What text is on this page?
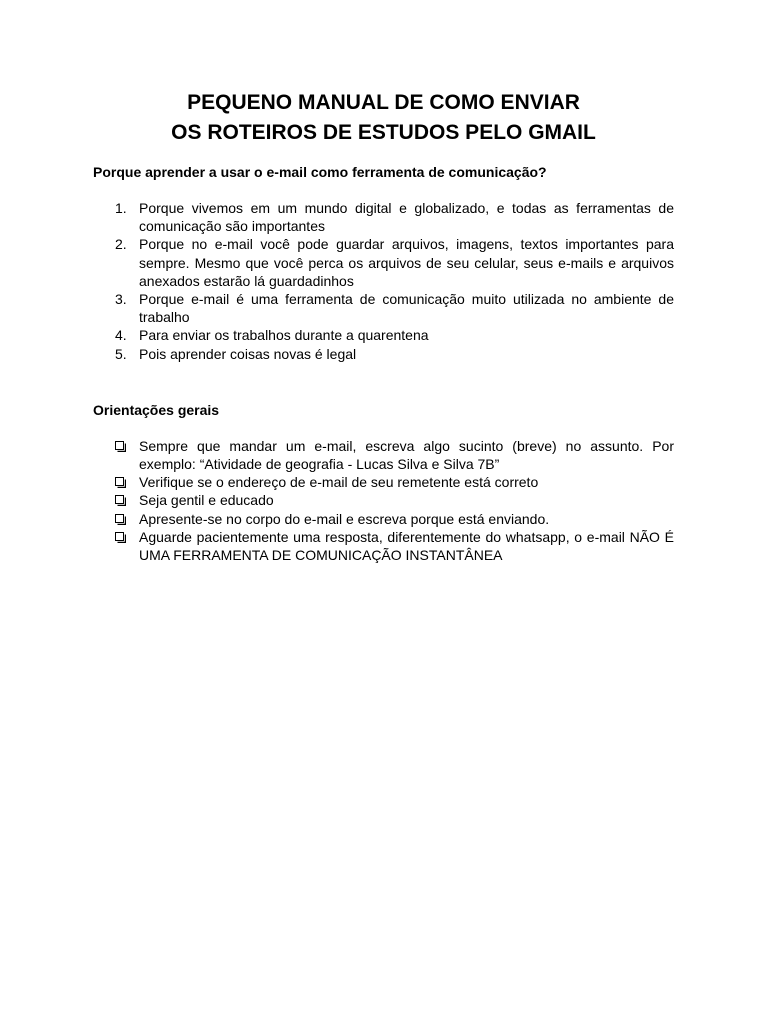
PEQUENO MANUAL DE COMO ENVIAR
OS ROTEIROS DE ESTUDOS PELO GMAIL

Porque aprender a usar o e-mail como ferramenta de comunicação?

1. Porque vivemos em um mundo digital e globalizado, e todas as ferramentas de comunicação são importantes
2. Porque no e-mail você pode guardar arquivos, imagens, textos importantes para sempre. Mesmo que você perca os arquivos de seu celular, seus e-mails e arquivos anexados estarão lá guardadinhos
3. Porque e-mail é uma ferramenta de comunicação muito utilizada no ambiente de trabalho
4. Para enviar os trabalhos durante a quarentena
5. Pois aprender coisas novas é legal

Orientações gerais

Sempre que mandar um e-mail, escreva algo sucinto (breve) no assunto. Por exemplo: “Atividade de geografia - Lucas Silva e Silva 7B”
Verifique se o endereço de e-mail de seu remetente está correto
Seja gentil e educado
Apresente-se no corpo do e-mail e escreva porque está enviando.
Aguarde pacientemente uma resposta, diferentemente do whatsapp, o e-mail NÃO É UMA FERRAMENTA DE COMUNICAÇÃO INSTANTÂNEA
